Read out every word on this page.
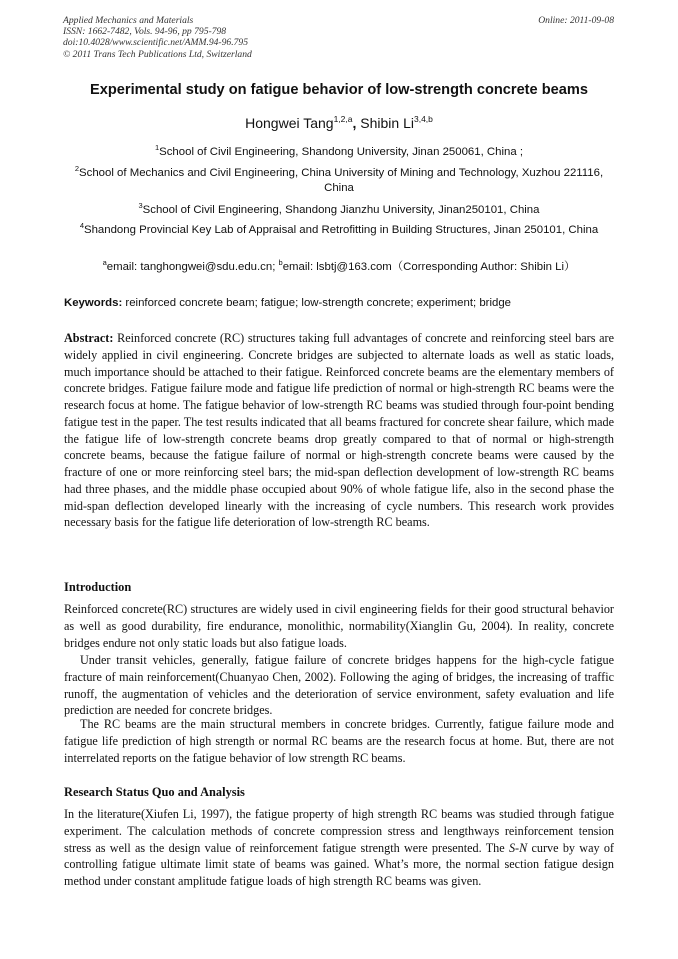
Applied Mechanics and Materials
ISSN: 1662-7482, Vols. 94-96, pp 795-798
doi:10.4028/www.scientific.net/AMM.94-96.795
© 2011 Trans Tech Publications Ltd, Switzerland
Online: 2011-09-08
Experimental study on fatigue behavior of low-strength concrete beams
Hongwei Tang$^{1,2,a}$, Shibin Li$^{3,4,b}$
$^1$School of Civil Engineering, Shandong University, Jinan 250061, China ;
$^2$School of Mechanics and Civil Engineering, China University of Mining and Technology, Xuzhou 221116, China
$^3$School of Civil Engineering, Shandong Jianzhu University, Jinan250101, China
$^4$Shandong Provincial Key Lab of Appraisal and Retrofitting in Building Structures, Jinan 250101, China
$^a$email: tanghongwei@sdu.edu.cn; $^b$email: lsbtj@163.com（Corresponding Author: Shibin Li）
Keywords: reinforced concrete beam; fatigue; low-strength concrete; experiment; bridge
Abstract: Reinforced concrete (RC) structures taking full advantages of concrete and reinforcing steel bars are widely applied in civil engineering. Concrete bridges are subjected to alternate loads as well as static loads, much importance should be attached to their fatigue. Reinforced concrete beams are the elementary members of concrete bridges. Fatigue failure mode and fatigue life prediction of normal or high-strength RC beams were the research focus at home. The fatigue behavior of low-strength RC beams was studied through four-point bending fatigue test in the paper. The test results indicated that all beams fractured for concrete shear failure, which made the fatigue life of low-strength concrete beams drop greatly compared to that of normal or high-strength concrete beams, because the fatigue failure of normal or high-strength concrete beams were caused by the fracture of one or more reinforcing steel bars; the mid-span deflection development of low-strength RC beams had three phases, and the middle phase occupied about 90% of whole fatigue life, also in the second phase the mid-span deflection developed linearly with the increasing of cycle numbers. This research work provides necessary basis for the fatigue life deterioration of low-strength RC beams.
Introduction
Reinforced concrete(RC) structures are widely used in civil engineering fields for their good structural behavior as well as good durability, fire endurance, monolithic, normability(Xianglin Gu, 2004). In reality, concrete bridges endure not only static loads but also fatigue loads.
Under transit vehicles, generally, fatigue failure of concrete bridges happens for the high-cycle fatigue fracture of main reinforcement(Chuanyao Chen, 2002). Following the aging of bridges, the increasing of traffic runoff, the augmentation of vehicles and the deterioration of service environment, safety evaluation and life prediction are needed for concrete bridges.
The RC beams are the main structural members in concrete bridges. Currently, fatigue failure mode and fatigue life prediction of high strength or normal RC beams are the research focus at home. But, there are not interrelated reports on the fatigue behavior of low strength RC beams.
Research Status Quo and Analysis
In the literature(Xiufen Li, 1997), the fatigue property of high strength RC beams was studied through fatigue experiment. The calculation methods of concrete compression stress and lengthways reinforcement tension stress as well as the design value of reinforcement fatigue strength were presented. The S-N curve by way of controlling fatigue ultimate limit state of beams was gained. What’s more, the normal section fatigue design method under constant amplitude fatigue loads of high strength RC beams was given.
